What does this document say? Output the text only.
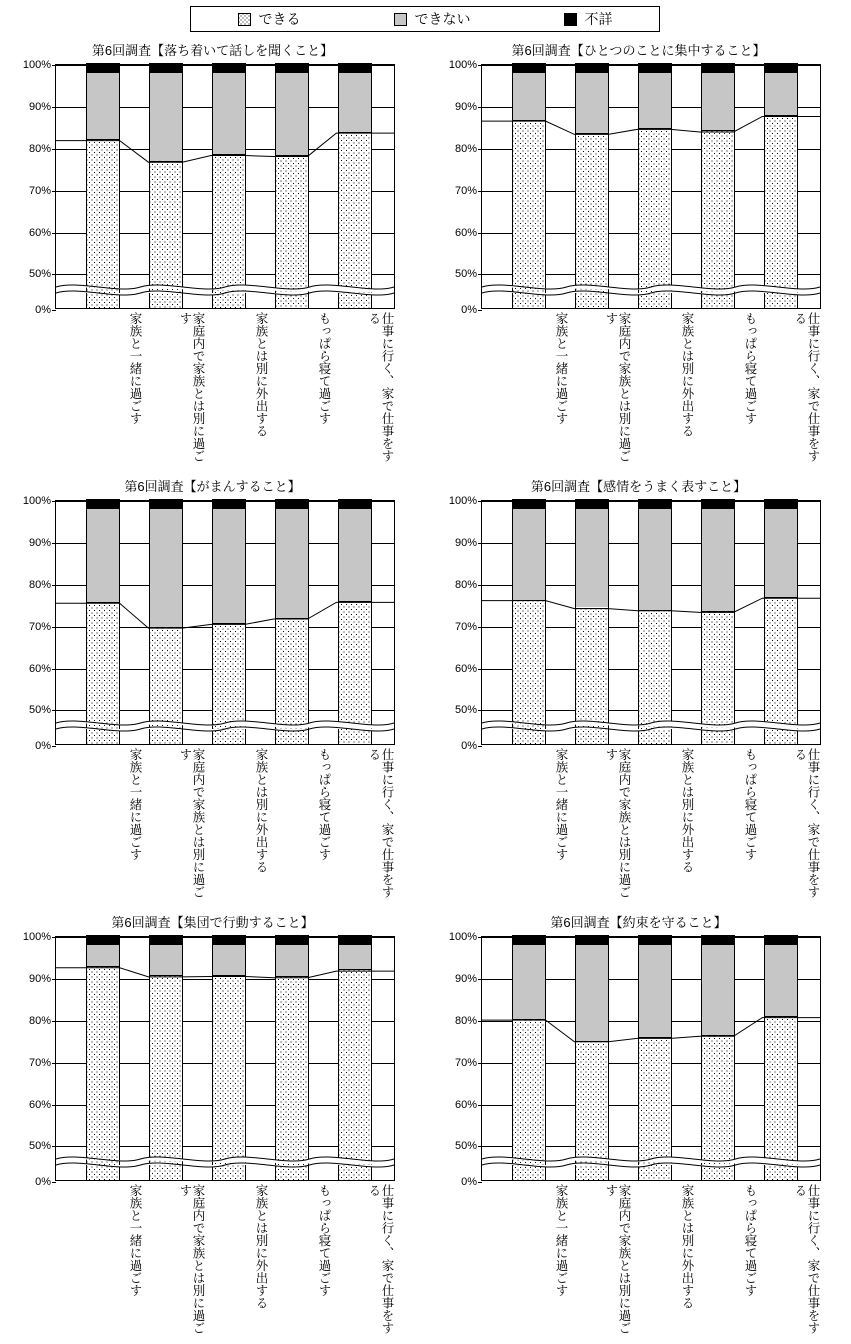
できる	できない	不詳
第6回調査【落ち着いて話しを聞くこと】
100%
90%
80%
70%
60%
50%
0%
家族と一緒に過ごす	家庭内で家族とは別に過ごす	家族とは別に外出する	もっぱら寝て過ごす	仕事に行く、家で仕事をする
第6回調査【ひとつのことに集中すること】
100%
90%
80%
70%
60%
50%
0%
家族と一緒に過ごす	家庭内で家族とは別に過ごす	家族とは別に外出する	もっぱら寝て過ごす	仕事に行く、家で仕事をする
第6回調査【がまんすること】
100%
90%
80%
70%
60%
50%
0%
家族と一緒に過ごす	家庭内で家族とは別に過ごす	家族とは別に外出する	もっぱら寝て過ごす	仕事に行く、家で仕事をする
第6回調査【感情をうまく表すこと】
100%
90%
80%
70%
60%
50%
0%
家族と一緒に過ごす	家庭内で家族とは別に過ごす	家族とは別に外出する	もっぱら寝て過ごす	仕事に行く、家で仕事をする
第6回調査【集団で行動すること】
100%
90%
80%
70%
60%
50%
0%
家族と一緒に過ごす	家庭内で家族とは別に過ごす	家族とは別に外出する	もっぱら寝て過ごす	仕事に行く、家で仕事をする
第6回調査【約束を守ること】
100%
90%
80%
70%
60%
50%
0%
家族と一緒に過ごす	家庭内で家族とは別に過ごす	家族とは別に外出する	もっぱら寝て過ごす	仕事に行く、家で仕事をする
